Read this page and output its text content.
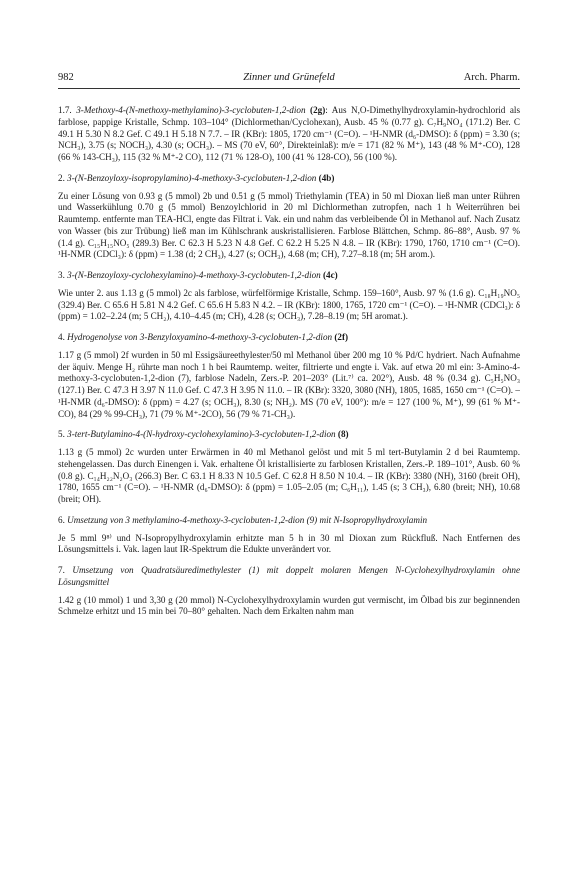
982	Zinner und Grünefeld	Arch. Pharm.

1.7. 3-Methoxy-4-(N-methoxy-methylamino)-3-cyclobuten-1,2-dion (2g): Aus N,O-Dimethylhydroxylamin-hydrochlorid als farblose, pappige Kristalle, Schmp. 103–104° (Dichlormethan/Cyclohexan), Ausb. 45 % (0.77 g). C₇H₉NO₄ (171.2) Ber. C 49.1 H 5.30 N 8.2 Gef. C 49.1 H 5.18 N 7.7. – IR (KBr): 1805, 1720 cm⁻¹ (C=O). – ¹H-NMR (d₆-DMSO): δ (ppm) = 3.30 (s; NCH₃), 3.75 (s; NOCH₃), 4.30 (s; OCH₃). – MS (70 eV, 60°, Direkteinlaß): m/e = 171 (82 % M⁺), 143 (48 % M⁺-CO), 128 (66 % 143-CH₃), 115 (32 % M⁺-2 CO), 112 (71 % 128-O), 100 (41 % 128-CO), 56 (100 %).

2. 3-(N-Benzoyloxy-isopropylamino)-4-methoxy-3-cyclobuten-1,2-dion (4b)

Zu einer Lösung von 0.93 g (5 mmol) 2b und 0.51 g (5 mmol) Triethylamin (TEA) in 50 ml Dioxan ließ man unter Rühren und Wasserkühlung 0.70 g (5 mmol) Benzoylchlorid in 20 ml Dichlormethan zutropfen, nach 1 h Weiterrühren bei Raumtemp. entfernte man TEA-HCl, engte das Filtrat i. Vak. ein und nahm das verbleibende Öl in Methanol auf. Nach Zusatz von Wasser (bis zur Trübung) ließ man im Kühlschrank auskristallisieren. Farblose Blättchen, Schmp. 86–88°, Ausb. 97 % (1.4 g). C₁₅H₁₅NO₅ (289.3) Ber. C 62.3 H 5.23 N 4.8 Gef. C 62.2 H 5.25 N 4.8. – IR (KBr): 1790, 1760, 1710 cm⁻¹ (C=O). ¹H-NMR (CDCl₃): δ (ppm) = 1.38 (d; 2 CH₃), 4.27 (s; OCH₃), 4.68 (m; CH), 7.27–8.18 (m; 5H arom.).

3. 3-(N-Benzoyloxy-cyclohexylamino)-4-methoxy-3-cyclobuten-1,2-dion (4c)

Wie unter 2. aus 1.13 g (5 mmol) 2c als farblose, würfelförmige Kristalle, Schmp. 159–160°, Ausb. 97 % (1.6 g). C₁₈H₁₉NO₅ (329.4) Ber. C 65.6 H 5.81 N 4.2 Gef. C 65.6 H 5.83 N 4.2. – IR (KBr): 1800, 1765, 1720 cm⁻¹ (C=O). – ¹H-NMR (CDCl₃): δ (ppm) = 1.02–2.24 (m; 5 CH₂), 4.10–4.45 (m; CH), 4.28 (s; OCH₃), 7.28–8.19 (m; 5H aromat.).

4. Hydrogenolyse von 3-Benzyloxyamino-4-methoxy-3-cyclobuten-1,2-dion (2f)

1.17 g (5 mmol) 2f wurden in 50 ml Essigsäureethylester/50 ml Methanol über 200 mg 10 % Pd/C hydriert. Nach Aufnahme der äquiv. Menge H₂ rührte man noch 1 h bei Raumtemp. weiter, filtrierte und engte i. Vak. auf etwa 20 ml ein: 3-Amino-4-methoxy-3-cyclobuten-1,2-dion (7), farblose Nadeln, Zers.-P. 201–203° (Lit.⁷⁾ ca. 202°), Ausb. 48 % (0.34 g). C₅H₅NO₃ (127.1) Ber. C 47.3 H 3.97 N 11.0 Gef. C 47.3 H 3.95 N 11.0. – IR (KBr): 3320, 3080 (NH), 1805, 1685, 1650 cm⁻¹ (C=O). – ¹H-NMR (d₆-DMSO): δ (ppm) = 4.27 (s; OCH₃), 8.30 (s; NH₂). MS (70 eV, 100°): m/e = 127 (100 %, M⁺), 99 (61 % M⁺-CO), 84 (29 % 99-CH₃), 71 (79 % M⁺-2CO), 56 (79 % 71-CH₃).

5. 3-tert-Butylamino-4-(N-hydroxy-cyclohexylamino)-3-cyclobuten-1,2-dion (8)

1.13 g (5 mmol) 2c wurden unter Erwärmen in 40 ml Methanol gelöst und mit 5 ml tert-Butylamin 2 d bei Raumtemp. stehengelassen. Das durch Einengen i. Vak. erhaltene Öl kristallisierte zu farblosen Kristallen, Zers.-P. 189–101°, Ausb. 60 % (0.8 g). C₁₄H₂₂N₂O₃ (266.3) Ber. C 63.1 H 8.33 N 10.5 Gef. C 62.8 H 8.50 N 10.4. – IR (KBr): 3380 (NH), 3160 (breit OH), 1780, 1655 cm⁻¹ (C=O). – ¹H-NMR (d₆-DMSO): δ (ppm) = 1.05–2.05 (m; C₆H₁₁), 1.45 (s; 3 CH₃), 6.80 (breit; NH), 10.68 (breit; OH).

6. Umsetzung von 3 methylamino-4-methoxy-3-cyclobuten-1,2-dion (9) mit N-Isopropylhydroxylamin

Je 5 mml 9⁸⁾ und N-Isopropylhydroxylamin erhitzte man 5 h in 30 ml Dioxan zum Rückfluß. Nach Entfernen des Lösungsmittels i. Vak. lagen laut IR-Spektrum die Edukte unverändert vor.

7. Umsetzung von Quadratsäuredimethylester (1) mit doppelt molaren Mengen N-Cyclohexylhydroxylamin ohne Lösungsmittel

1.42 g (10 mmol) 1 und 3,30 g (20 mmol) N-Cyclohexylhydroxylamin wurden gut vermischt, im Ölbad bis zur beginnenden Schmelze erhitzt und 15 min bei 70–80° gehalten. Nach dem Erkalten nahm man
